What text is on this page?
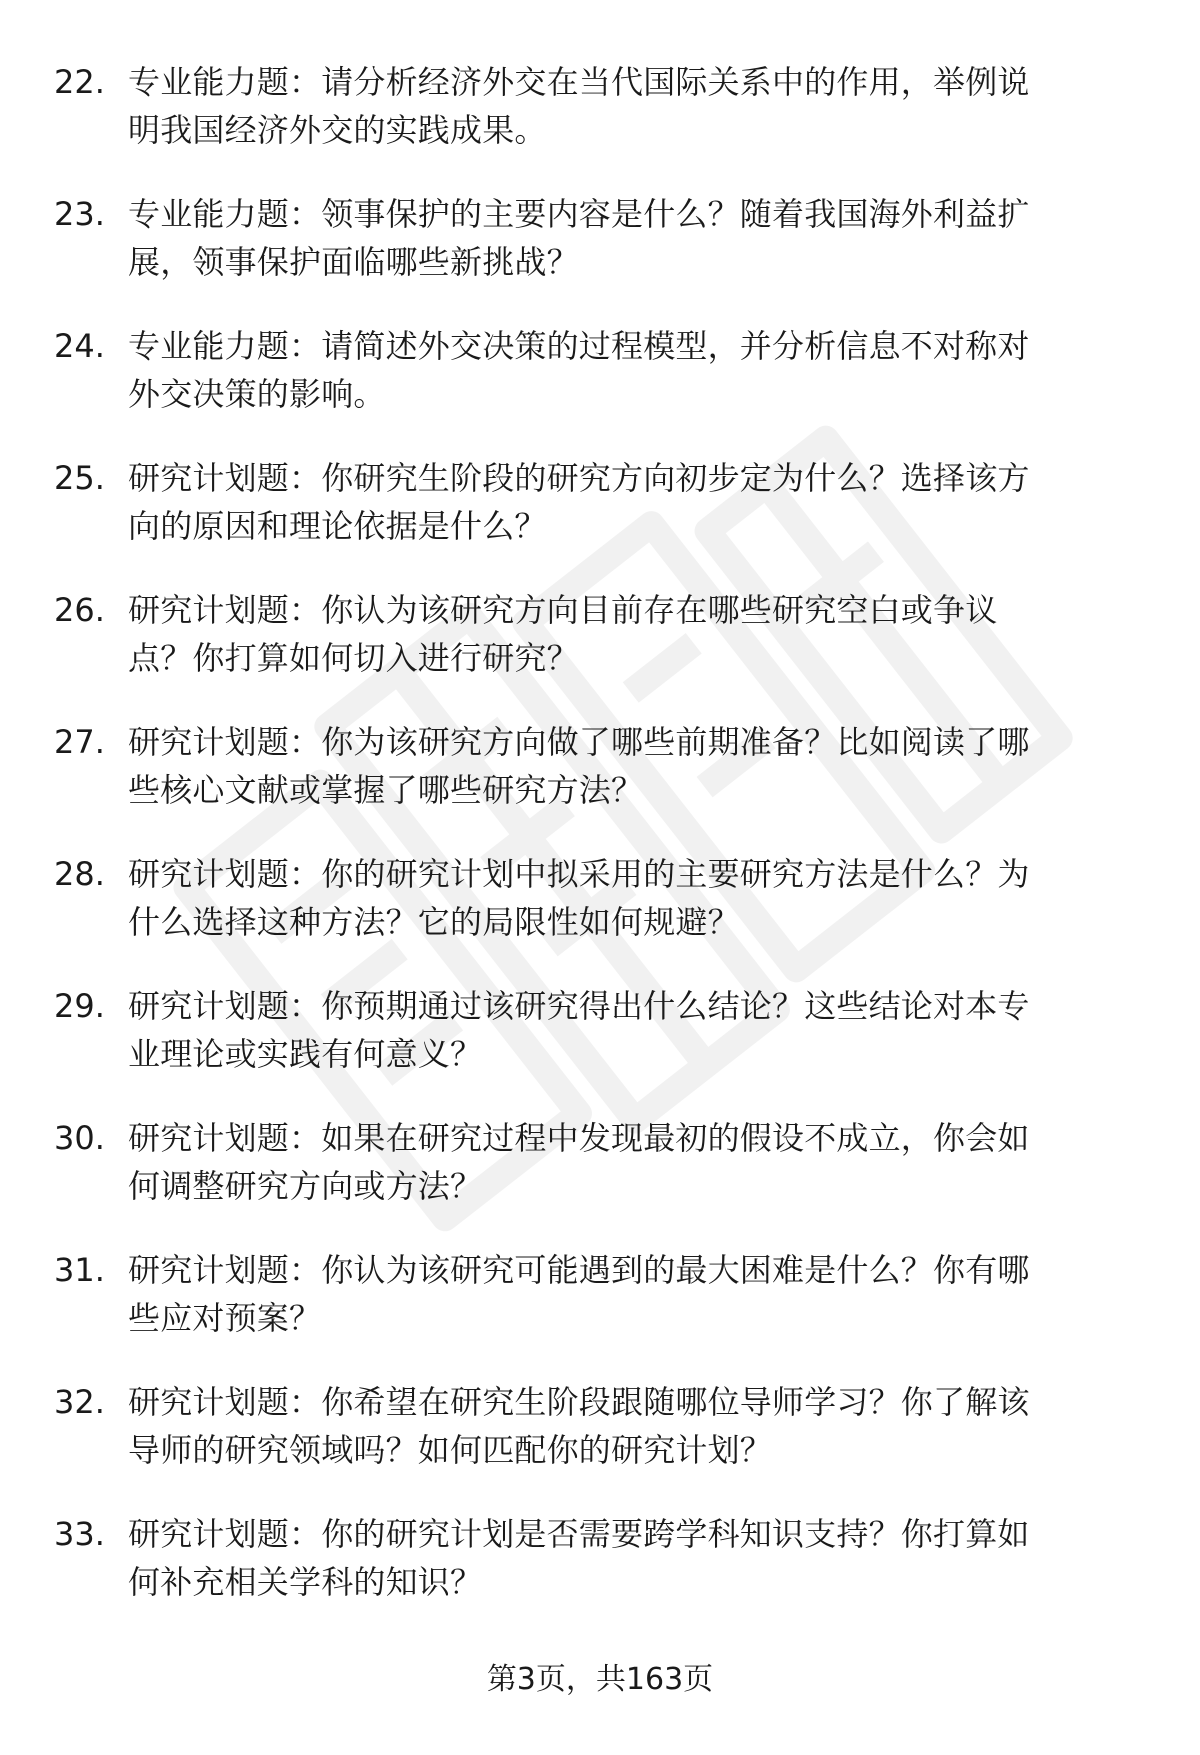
22. 专业能力题：请分析经济外交在当代国际关系中的作用，举例说
明我国经济外交的实践成果。
23. 专业能力题：领事保护的主要内容是什么？随着我国海外利益扩
展，领事保护面临哪些新挑战？
24. 专业能力题：请简述外交决策的过程模型，并分析信息不对称对
外交决策的影响。
25. 研究计划题：你研究生阶段的研究方向初步定为什么？选择该方
向的原因和理论依据是什么？
26. 研究计划题：你认为该研究方向目前存在哪些研究空白或争议
点？你打算如何切入进行研究？
27. 研究计划题：你为该研究方向做了哪些前期准备？比如阅读了哪
些核心文献或掌握了哪些研究方法？
28. 研究计划题：你的研究计划中拟采用的主要研究方法是什么？为
什么选择这种方法？它的局限性如何规避？
29. 研究计划题：你预期通过该研究得出什么结论？这些结论对本专
业理论或实践有何意义？
30. 研究计划题：如果在研究过程中发现最初的假设不成立，你会如
何调整研究方向或方法？
31. 研究计划题：你认为该研究可能遇到的最大困难是什么？你有哪
些应对预案？
32. 研究计划题：你希望在研究生阶段跟随哪位导师学习？你了解该
导师的研究领域吗？如何匹配你的研究计划？
33. 研究计划题：你的研究计划是否需要跨学科知识支持？你打算如
何补充相关学科的知识？
第3页，共163页
